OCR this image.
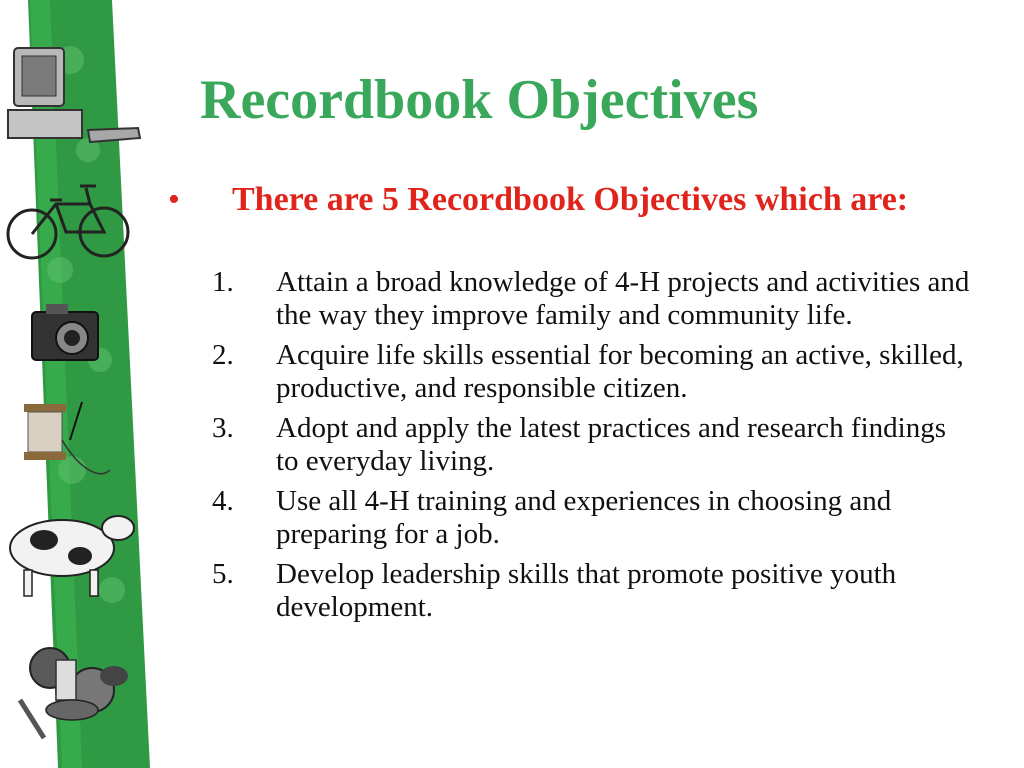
Recordbook Objectives
• There are 5 Recordbook Objectives which are:
1. Attain a broad knowledge of 4-H projects and activities and the way they improve family and community life.
2. Acquire life skills essential for becoming an active, skilled, productive, and responsible citizen.
3. Adopt and apply the latest practices and research findings to everyday living.
4. Use all 4-H training and experiences in choosing and preparing for a job.
5. Develop leadership skills that promote positive youth development.
